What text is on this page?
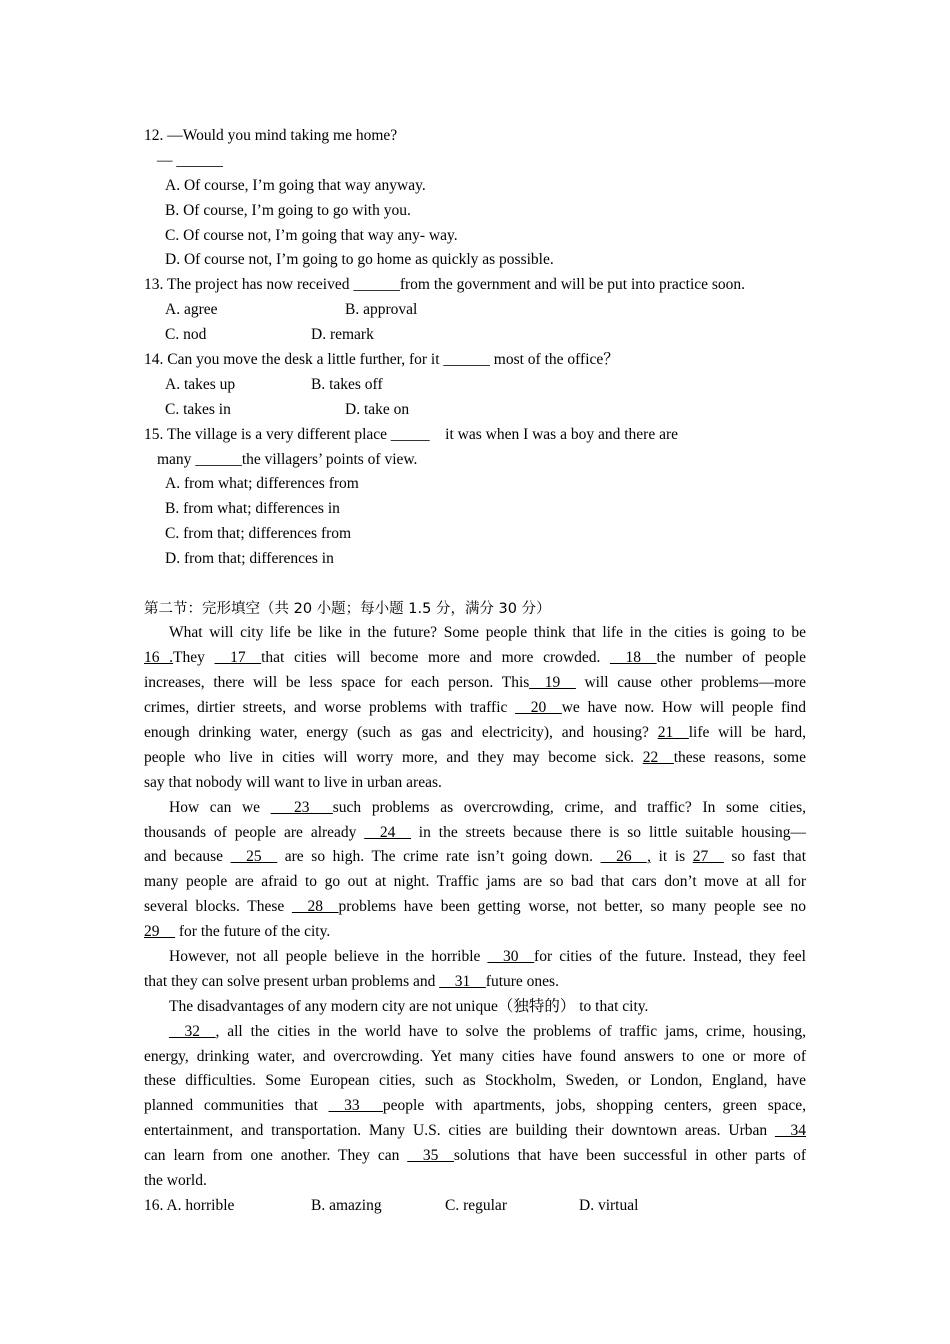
12. —Would you mind taking me home?
— ______
A. Of course, I’m going that way anyway.
B. Of course, I’m going to go with you.
C. Of course not, I’m going that way any- way.
D. Of course not, I’m going to go home as quickly as possible.
13. The project has now received ______from the government and will be put into practice soon.
A. agree	B. approval
C. nod	D. remark
14. Can you move the desk a little further, for it ______ most of the office？
A. takes up	B. takes off
C. takes in	D. take on
15. The village is a very different place _____    it was when I was a boy and there are
many ______the villagers’ points of view.
A. from what; differences from
B. from what; differences in
C. from that; differences from
D. from that; differences in
第二节：完形填空（共 20 小题；每小题 1.5 分，满分 30 分）
What will city life be like in the future? Some people think that life in the cities is going to be
16 .They __17__that cities will become more and more crowded. __18__the number of people
increases, there will be less space for each person. This__19__ will cause other problems—more
crimes, dirtier streets, and worse problems with traffic __20__we have now. How will people find
enough drinking water, energy (such as gas and electricity), and housing? 21__life will be hard,
people who live in cities will worry more, and they may become sick. 22__these reasons, some
say that nobody will want to live in urban areas.
How can we ___23___such problems as overcrowding, crime, and traffic? In some cities,
thousands of people are already __24__ in the streets because there is so little suitable housing—
and because __25__ are so high. The crime rate isn’t going down. __26__, it is 27__ so fast that
many people are afraid to go out at night. Traffic jams are so bad that cars don’t move at all for
several blocks. These __28__problems have been getting worse, not better, so many people see no
29__ for the future of the city.
However, not all people believe in the horrible __30__for cities of the future. Instead, they feel
that they can solve present urban problems and __31__future ones.
The disadvantages of any modern city are not unique（独特的） to that city.
__32__, all the cities in the world have to solve the problems of traffic jams, crime, housing,
energy, drinking water, and overcrowding. Yet many cities have found answers to one or more of
these difficulties. Some European cities, such as Stockholm, Sweden, or London, England, have
planned communities that __33___people with apartments, jobs, shopping centers, green space,
entertainment, and transportation. Many U.S. cities are building their downtown areas. Urban __34
can learn from one another. They can __35__solutions that have been successful in other parts of
the world.
16. A. horrible	B. amazing	C. regular	D. virtual
